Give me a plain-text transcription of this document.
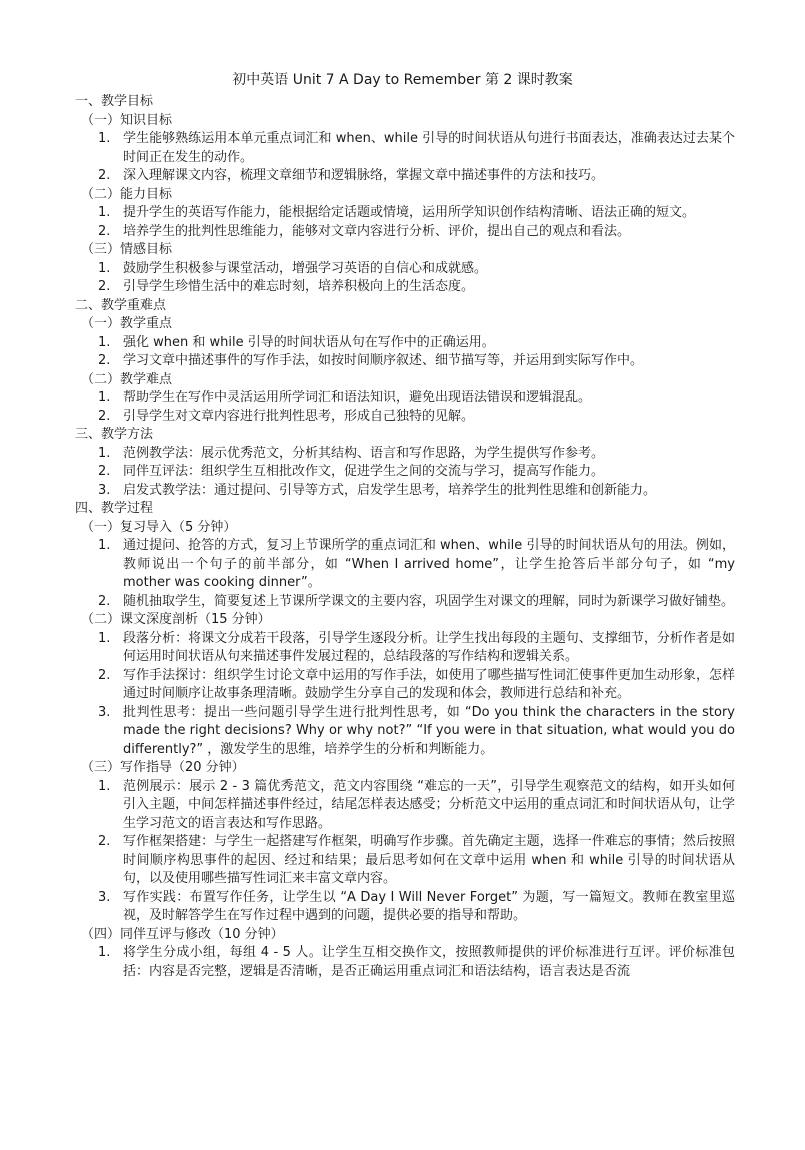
初中英语 Unit 7 A Day to Remember 第 2 课时教案
一、教学目标
（一）知识目标
1. 学生能够熟练运用本单元重点词汇和 when、while 引导的时间状语从句进行书面表达，准确表达过去某个时间正在发生的动作。
2. 深入理解课文内容，梳理文章细节和逻辑脉络，掌握文章中描述事件的方法和技巧。
（二）能力目标
1. 提升学生的英语写作能力，能根据给定话题或情境，运用所学知识创作结构清晰、语法正确的短文。
2. 培养学生的批判性思维能力，能够对文章内容进行分析、评价，提出自己的观点和看法。
（三）情感目标
1. 鼓励学生积极参与课堂活动，增强学习英语的自信心和成就感。
2. 引导学生珍惜生活中的难忘时刻，培养积极向上的生活态度。
二、教学重难点
（一）教学重点
1. 强化 when 和 while 引导的时间状语从句在写作中的正确运用。
2. 学习文章中描述事件的写作手法，如按时间顺序叙述、细节描写等，并运用到实际写作中。
（二）教学难点
1. 帮助学生在写作中灵活运用所学词汇和语法知识，避免出现语法错误和逻辑混乱。
2. 引导学生对文章内容进行批判性思考，形成自己独特的见解。
三、教学方法
1. 范例教学法：展示优秀范文，分析其结构、语言和写作思路，为学生提供写作参考。
2. 同伴互评法：组织学生互相批改作文，促进学生之间的交流与学习，提高写作能力。
3. 启发式教学法：通过提问、引导等方式，启发学生思考，培养学生的批判性思维和创新能力。
四、教学过程
（一）复习导入（5 分钟）
1. 通过提问、抢答的方式，复习上节课所学的重点词汇和 when、while 引导的时间状语从句的用法。例如，教师说出一个句子的前半部分，如 “When I arrived home”，让学生抢答后半部分句子，如 “my mother was cooking dinner”。
2. 随机抽取学生，简要复述上节课所学课文的主要内容，巩固学生对课文的理解，同时为新课学习做好铺垫。
（二）课文深度剖析（15 分钟）
1. 段落分析：将课文分成若干段落，引导学生逐段分析。让学生找出每段的主题句、支撑细节，分析作者是如何运用时间状语从句来描述事件发展过程的，总结段落的写作结构和逻辑关系。
2. 写作手法探讨：组织学生讨论文章中运用的写作手法，如使用了哪些描写性词汇使事件更加生动形象，怎样通过时间顺序让故事条理清晰。鼓励学生分享自己的发现和体会，教师进行总结和补充。
3. 批判性思考：提出一些问题引导学生进行批判性思考，如 “Do you think the characters in the story made the right decisions? Why or why not?” “If you were in that situation, what would you do differently?” ，激发学生的思维，培养学生的分析和判断能力。
（三）写作指导（20 分钟）
1. 范例展示：展示 2 - 3 篇优秀范文，范文内容围绕 “难忘的一天”，引导学生观察范文的结构，如开头如何引入主题，中间怎样描述事件经过，结尾怎样表达感受；分析范文中运用的重点词汇和时间状语从句，让学生学习范文的语言表达和写作思路。
2. 写作框架搭建：与学生一起搭建写作框架，明确写作步骤。首先确定主题，选择一件难忘的事情；然后按照时间顺序构思事件的起因、经过和结果；最后思考如何在文章中运用 when 和 while 引导的时间状语从句，以及使用哪些描写性词汇来丰富文章内容。
3. 写作实践：布置写作任务，让学生以 “A Day I Will Never Forget” 为题，写一篇短文。教师在教室里巡视，及时解答学生在写作过程中遇到的问题，提供必要的指导和帮助。
（四）同伴互评与修改（10 分钟）
1. 将学生分成小组，每组 4 - 5 人。让学生互相交换作文，按照教师提供的评价标准进行互评。评价标准包括：内容是否完整，逻辑是否清晰，是否正确运用重点词汇和语法结构，语言表达是否流
